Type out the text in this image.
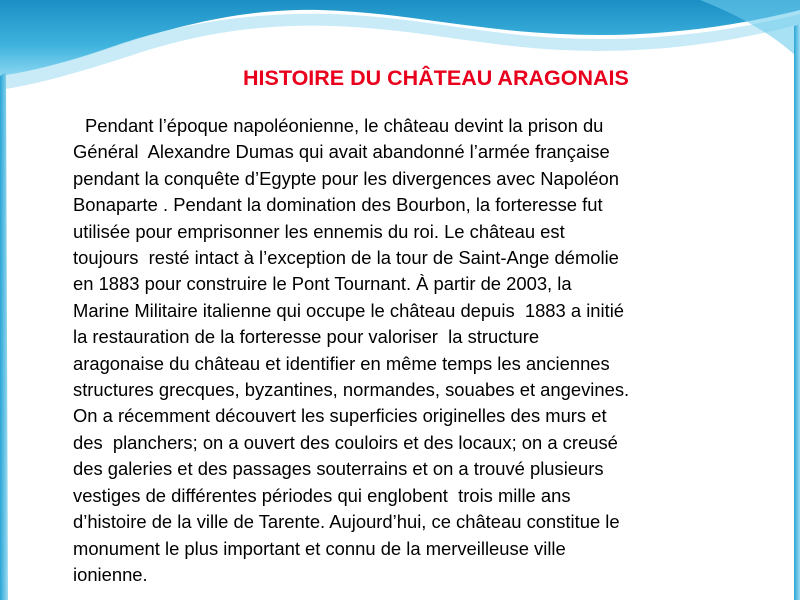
HISTOIRE DU CHÂTEAU ARAGONAIS
Pendant l’époque napoléonienne, le château devint la prison du
Général  Alexandre Dumas qui avait abandonné l’armée française
pendant la conquête d’Egypte pour les divergences avec Napoléon
Bonaparte . Pendant la domination des Bourbon, la forteresse fut
utilisée pour emprisonner les ennemis du roi. Le château est
toujours  resté intact à l’exception de la tour de Saint-Ange démolie
en 1883 pour construire le Pont Tournant. À partir de 2003, la
Marine Militaire italienne qui occupe le château depuis  1883 a initié
la restauration de la forteresse pour valoriser  la structure
aragonaise du château et identifier en même temps les anciennes
structures grecques, byzantines, normandes, souabes et angevines.
On a récemment découvert les superficies originelles des murs et
des  planchers; on a ouvert des couloirs et des locaux; on a creusé
des galeries et des passages souterrains et on a trouvé plusieurs
vestiges de différentes périodes qui englobent  trois mille ans
d’histoire de la ville de Tarente. Aujourd’hui, ce château constitue le
monument le plus important et connu de la merveilleuse ville
ionienne.
